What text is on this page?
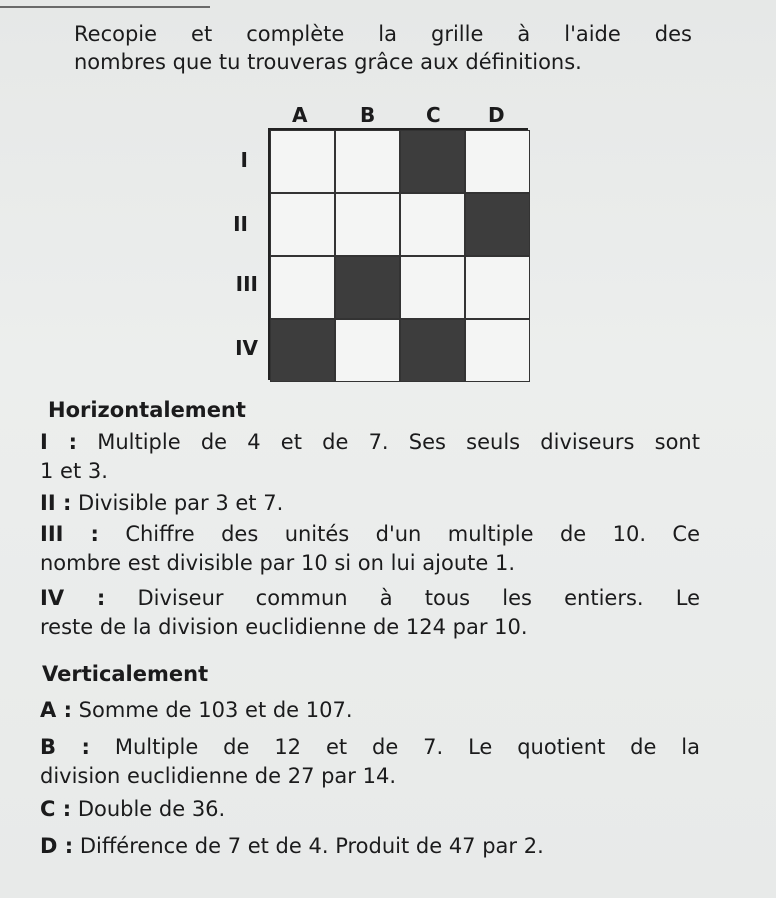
Recopie et complète la grille à l'aide des

nombres que tu trouveras grâce aux définitions.

A	B	C D
I
II
III
IV
Horizontalement
I : Multiple de 4 et de 7. Ses seuls diviseurs sont
1 et 3.
II : Divisible par 3 et 7.
III : Chiffre des unités d'un multiple de 10. Ce
nombre est divisible par 10 si on lui ajoute 1.
IV : Diviseur commun à tous les entiers. Le
reste de la division euclidienne de 124 par 10.
Verticalement
A : Somme de 103 et de 107.
B : Multiple de 12 et de 7. Le quotient de la
division euclidienne de 27 par 14.
C : Double de 36.
D : Différence de 7 et de 4. Produit de 47 par 2.
